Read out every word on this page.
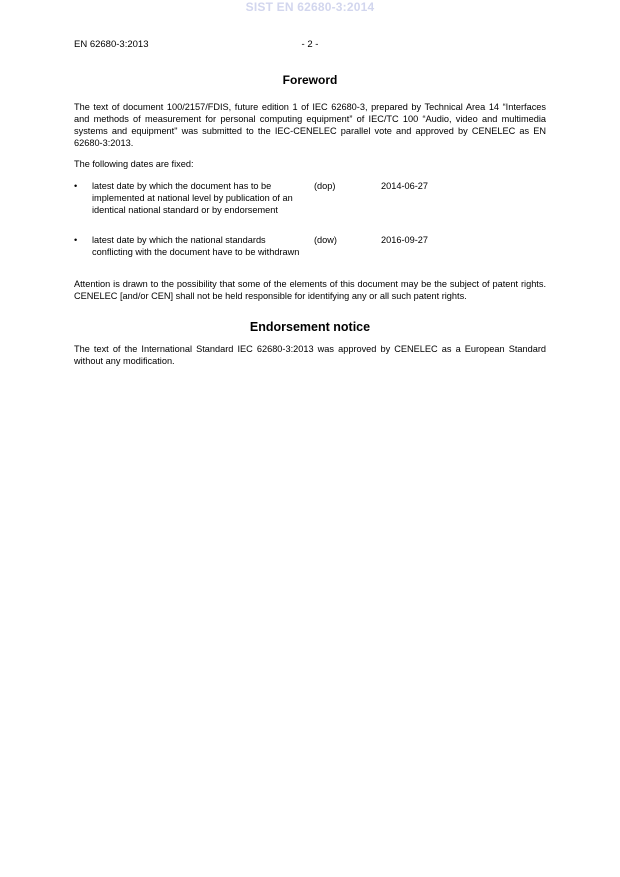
SIST EN 62680-3:2014
EN 62680-3:2013	- 2 -
Foreword

The text of document 100/2157/FDIS, future edition 1 of IEC 62680-3, prepared by Technical Area 14 “Interfaces and methods of measurement for personal computing equipment” of IEC/TC 100 “Audio, video and multimedia systems and equipment" was submitted to the IEC-CENELEC parallel vote and approved by CENELEC as EN 62680-3:2013.

The following dates are fixed:

•	latest date by which the document has to be implemented at national level by publication of an identical national standard or by endorsement
(dop)	2014-06-27
•	latest date by which the national standards conflicting with the document have to be withdrawn
(dow)	2016-09-27

Attention is drawn to the possibility that some of the elements of this document may be the subject of patent rights. CENELEC [and/or CEN] shall not be held responsible for identifying any or all such patent rights.

Endorsement notice

The text of the International Standard IEC 62680-3:2013 was approved by CENELEC as a European Standard without any modification.
